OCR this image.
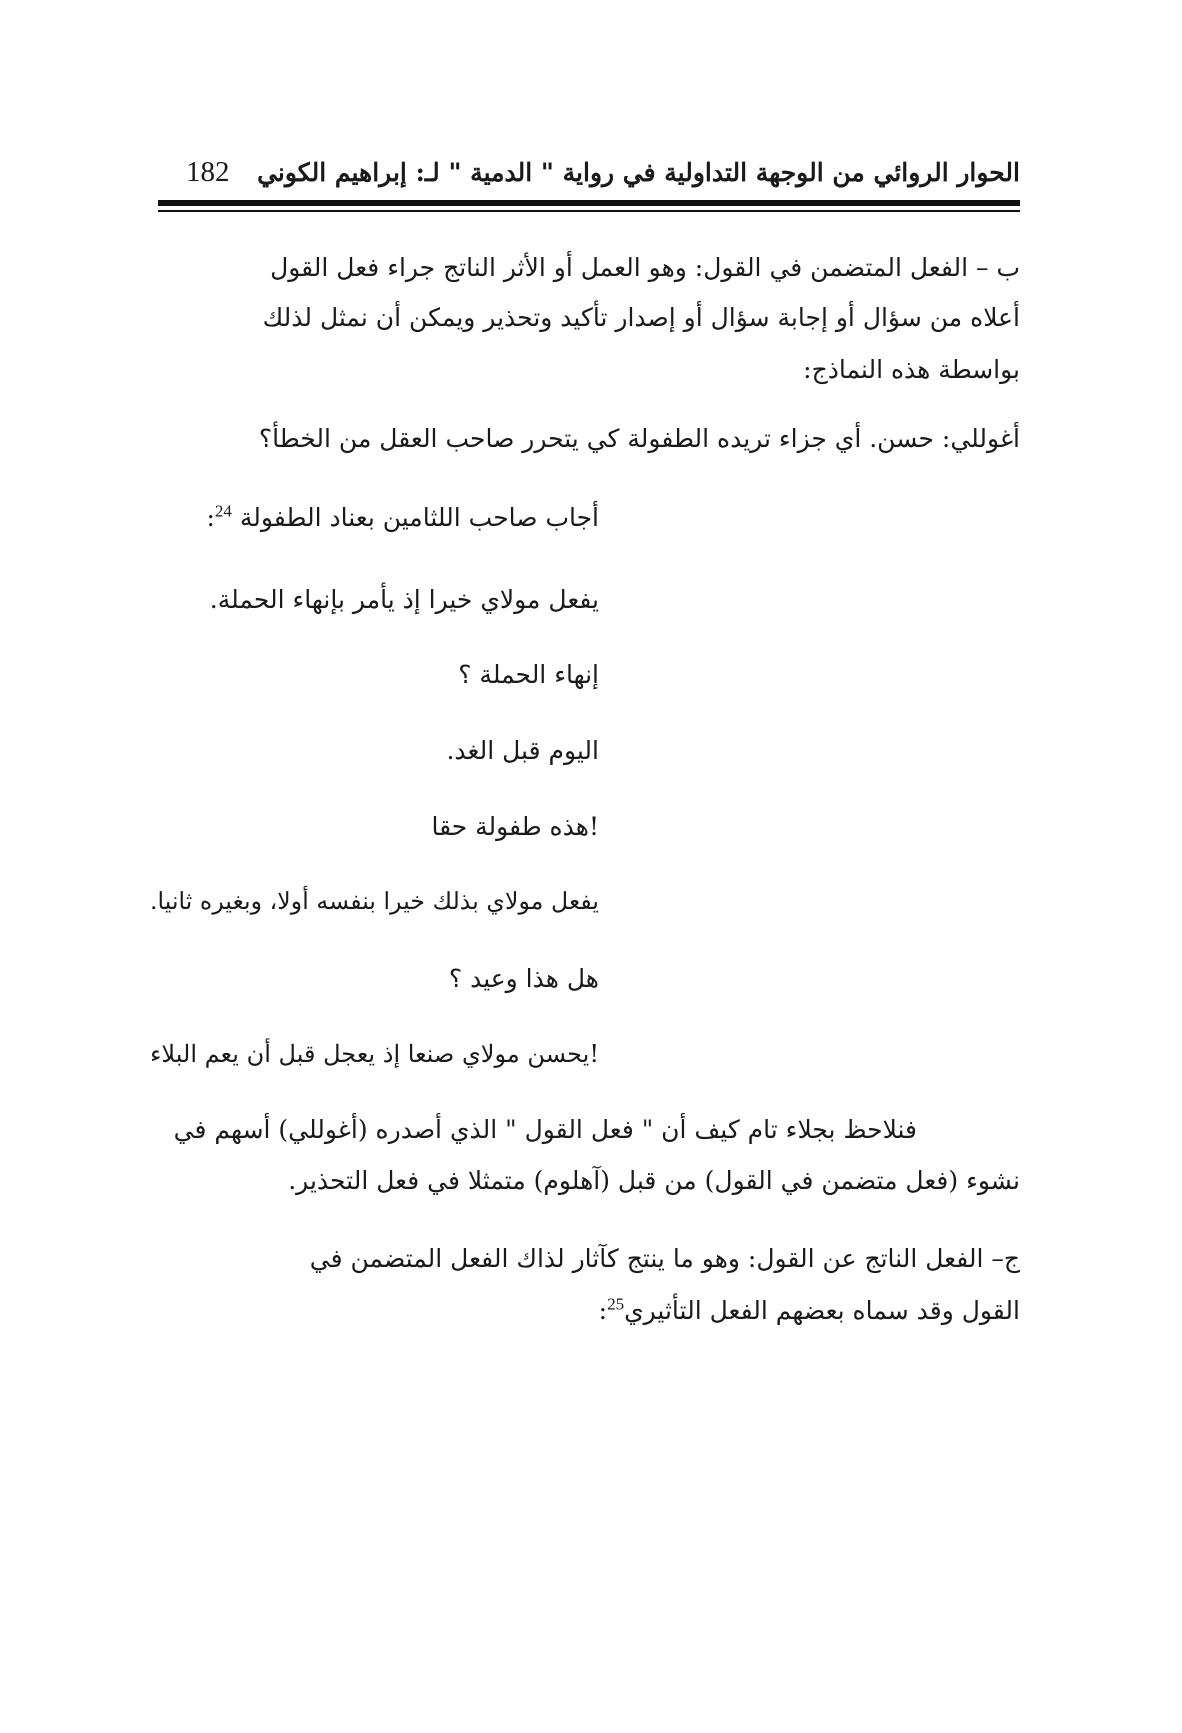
الحوار الروائي من الوجهة التداولية في رواية " الدمية " لـ: إبراهيم الكوني
182
ب – الفعل المتضمن في القول: وهو العمل أو الأثر الناتج جراء فعل القول
أعلاه من سؤال أو إجابة سؤال أو إصدار تأكيد وتحذير ويمكن أن نمثل لذلك
بواسطة هذه النماذج:
أغوللي: حسن. أي جزاء تريده الطفولة كي يتحرر صاحب العقل من الخطأ؟
أجاب صاحب اللثامين بعناد الطفولة $^{24}$:
يفعل مولاي خيرا إذ يأمر بإنهاء الحملة.
إنهاء الحملة ؟
اليوم قبل الغد.
!هذه طفولة حقا
يفعل مولاي بذلك خيرا بنفسه أولا، وبغيره ثانيا.
هل هذا وعيد ؟
!يحسن مولاي صنعا إذ يعجل قبل أن يعم البلاء
فنلاحظ بجلاء تام كيف أن " فعل القول " الذي أصدره (أغوللي) أسهم في
نشوء (فعل متضمن في القول) من قبل (آهلوم) متمثلا في فعل التحذير.
ج– الفعل الناتج عن القول: وهو ما ينتج كآثار لذاك الفعل المتضمن في
القول وقد سماه بعضهم الفعل التأثيري$^{25}$:
